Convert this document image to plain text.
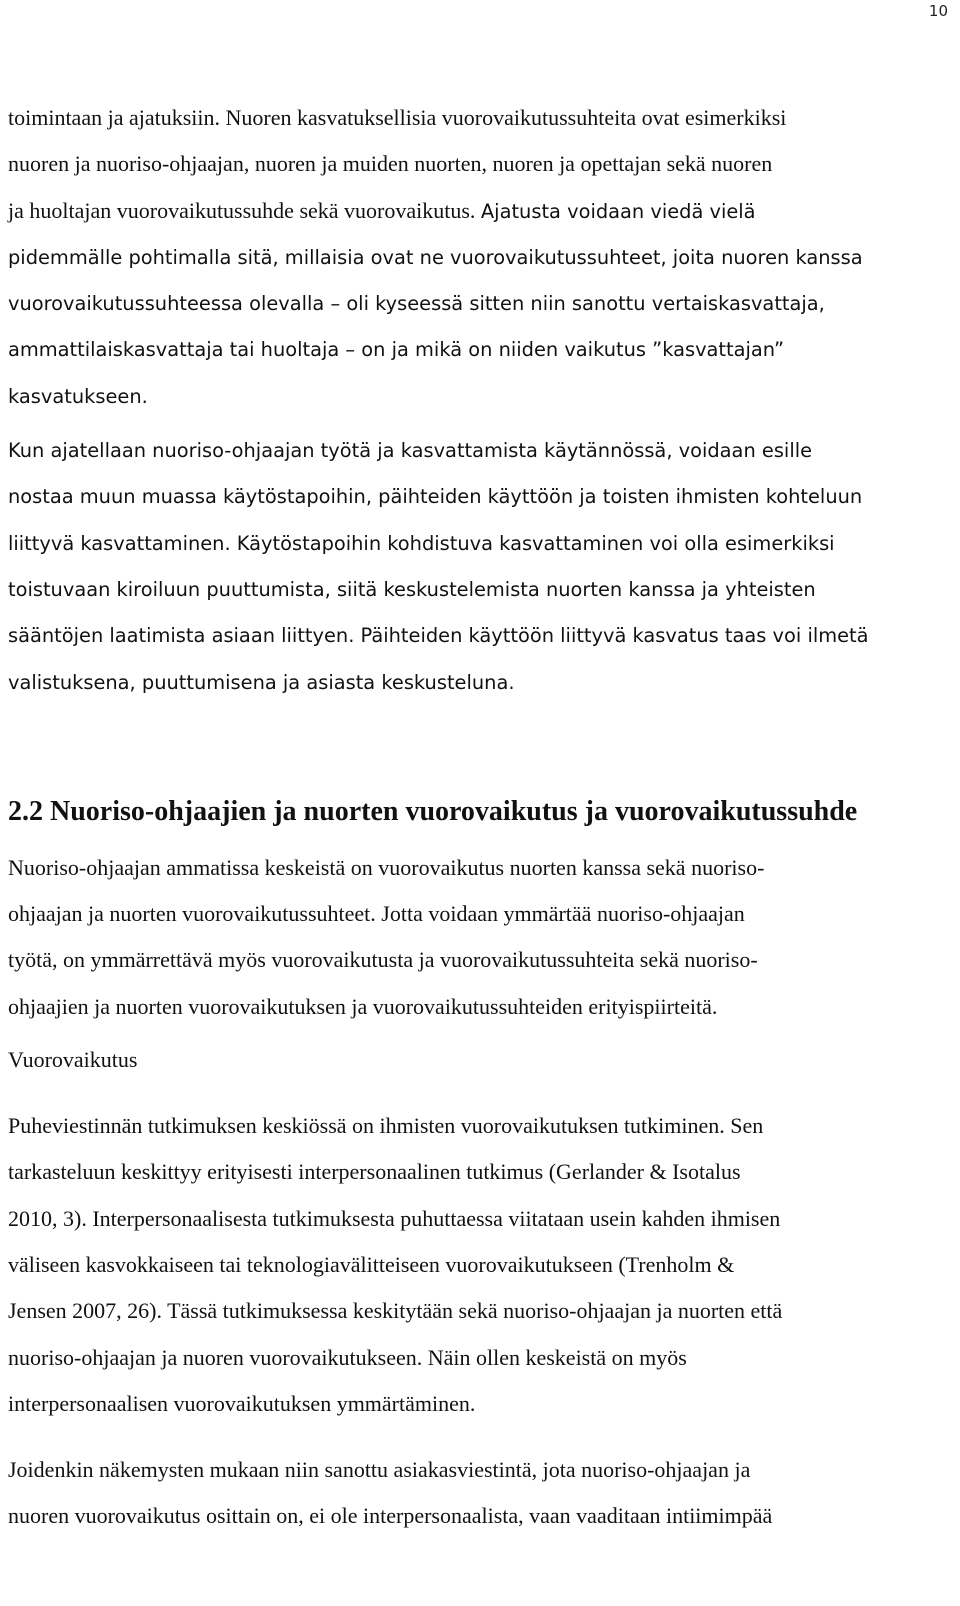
10

toimintaan ja ajatuksiin. Nuoren kasvatuksellisia vuorovaikutussuhteita ovat esimerkiksi
nuoren ja nuoriso-ohjaajan, nuoren ja muiden nuorten, nuoren ja opettajan sekä nuoren
ja huoltajan vuorovaikutussuhde sekä vuorovaikutus. Ajatusta voidaan viedä vielä
pidemmälle pohtimalla sitä, millaisia ovat ne vuorovaikutussuhteet, joita nuoren kanssa
vuorovaikutussuhteessa olevalla – oli kyseessä sitten niin sanottu vertaiskasvattaja,
ammattilaiskasvattaja tai huoltaja – on ja mikä on niiden vaikutus ”kasvattajan”
kasvatukseen.

Kun ajatellaan nuoriso-ohjaajan työtä ja kasvattamista käytännössä, voidaan esille
nostaa muun muassa käytöstapoihin, päihteiden käyttöön ja toisten ihmisten kohteluun
liittyvä kasvattaminen. Käytöstapoihin kohdistuva kasvattaminen voi olla esimerkiksi
toistuvaan kiroiluun puuttumista, siitä keskustelemista nuorten kanssa ja yhteisten
sääntöjen laatimista asiaan liittyen. Päihteiden käyttöön liittyvä kasvatus taas voi ilmetä
valistuksena, puuttumisena ja asiasta keskusteluna.

2.2 Nuoriso-ohjaajien ja nuorten vuorovaikutus ja vuorovaikutussuhde

Nuoriso-ohjaajan ammatissa keskeistä on vuorovaikutus nuorten kanssa sekä nuoriso-
ohjaajan ja nuorten vuorovaikutussuhteet. Jotta voidaan ymmärtää nuoriso-ohjaajan
työtä, on ymmärrettävä myös vuorovaikutusta ja vuorovaikutussuhteita sekä nuoriso-
ohjaajien ja nuorten vuorovaikutuksen ja vuorovaikutussuhteiden erityispiirteitä.

Vuorovaikutus

Puheviestinnän tutkimuksen keskiössä on ihmisten vuorovaikutuksen tutkiminen. Sen
tarkasteluun keskittyy erityisesti interpersonaalinen tutkimus (Gerlander & Isotalus
2010, 3). Interpersonaalisesta tutkimuksesta puhuttaessa viitataan usein kahden ihmisen
väliseen kasvokkaiseen tai teknologiavälitteiseen vuorovaikutukseen (Trenholm &
Jensen 2007, 26). Tässä tutkimuksessa keskitytään sekä nuoriso-ohjaajan ja nuorten että
nuoriso-ohjaajan ja nuoren vuorovaikutukseen. Näin ollen keskeistä on myös
interpersonaalisen vuorovaikutuksen ymmärtäminen.

Joidenkin näkemysten mukaan niin sanottu asiakasviestintä, jota nuoriso-ohjaajan ja
nuoren vuorovaikutus osittain on, ei ole interpersonaalista, vaan vaaditaan intiimimpää
